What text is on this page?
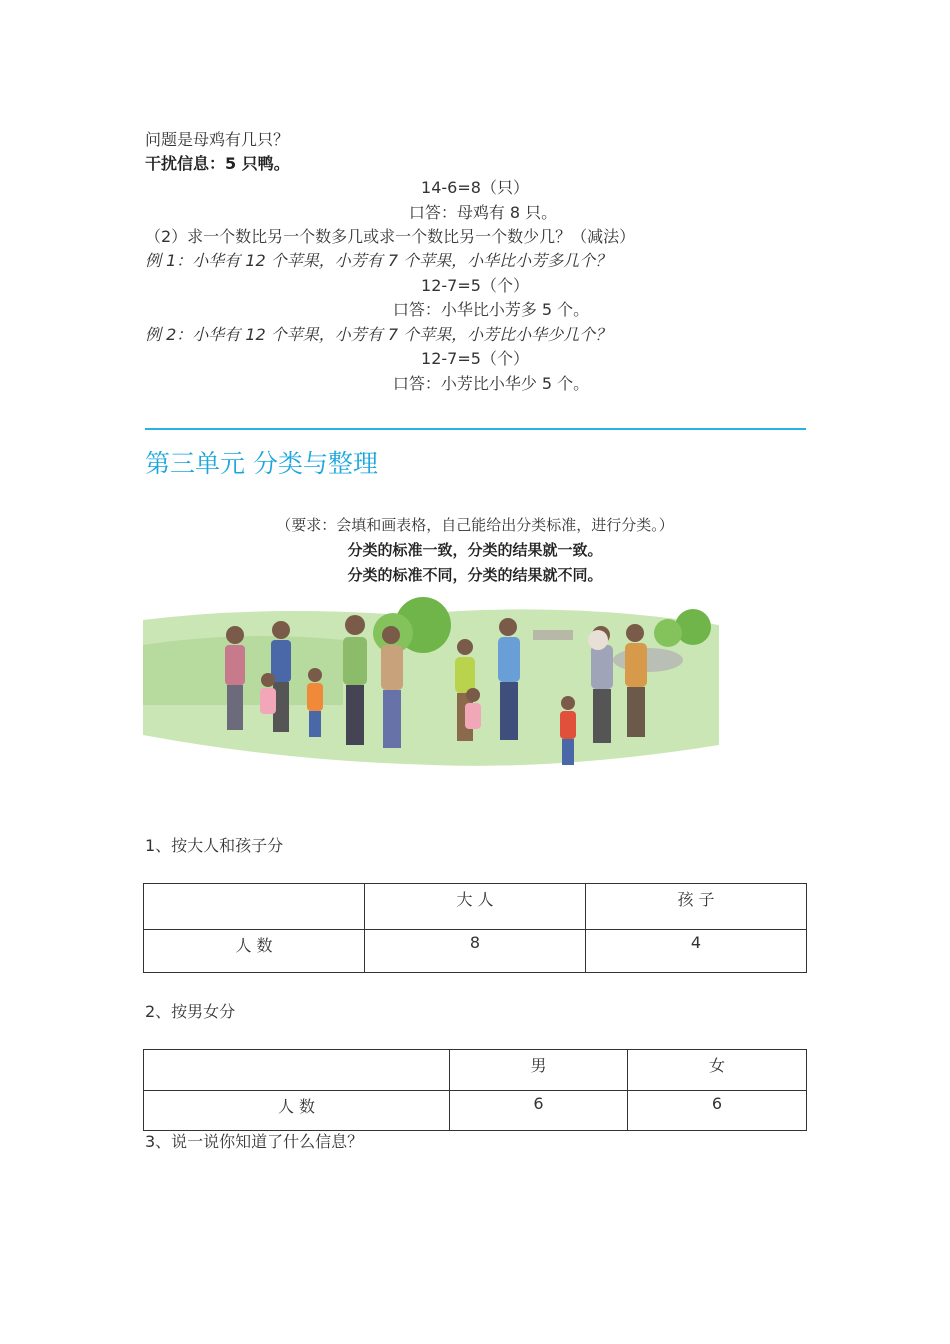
问题是母鸡有几只？
干扰信息：5 只鸭。
14-6=8（只）
口答：母鸡有 8 只。
（2）求一个数比另一个数多几或求一个数比另一个数少几？（减法）
例 1：小华有 12 个苹果，小芳有 7 个苹果，小华比小芳多几个？
12-7=5（个）
口答：小华比小芳多 5 个。
例 2：小华有 12 个苹果，小芳有 7 个苹果，小芳比小华少几个？
12-7=5（个）
口答：小芳比小华少 5 个。
第三单元 分类与整理
（要求：会填和画表格，自己能给出分类标准，进行分类。）
分类的标准一致，分类的结果就一致。
分类的标准不同，分类的结果就不同。
1、按大人和孩子分
	大 人	孩 子
人 数	8	4
2、按男女分
	男	女
人 数	6	6
3、说一说你知道了什么信息？
